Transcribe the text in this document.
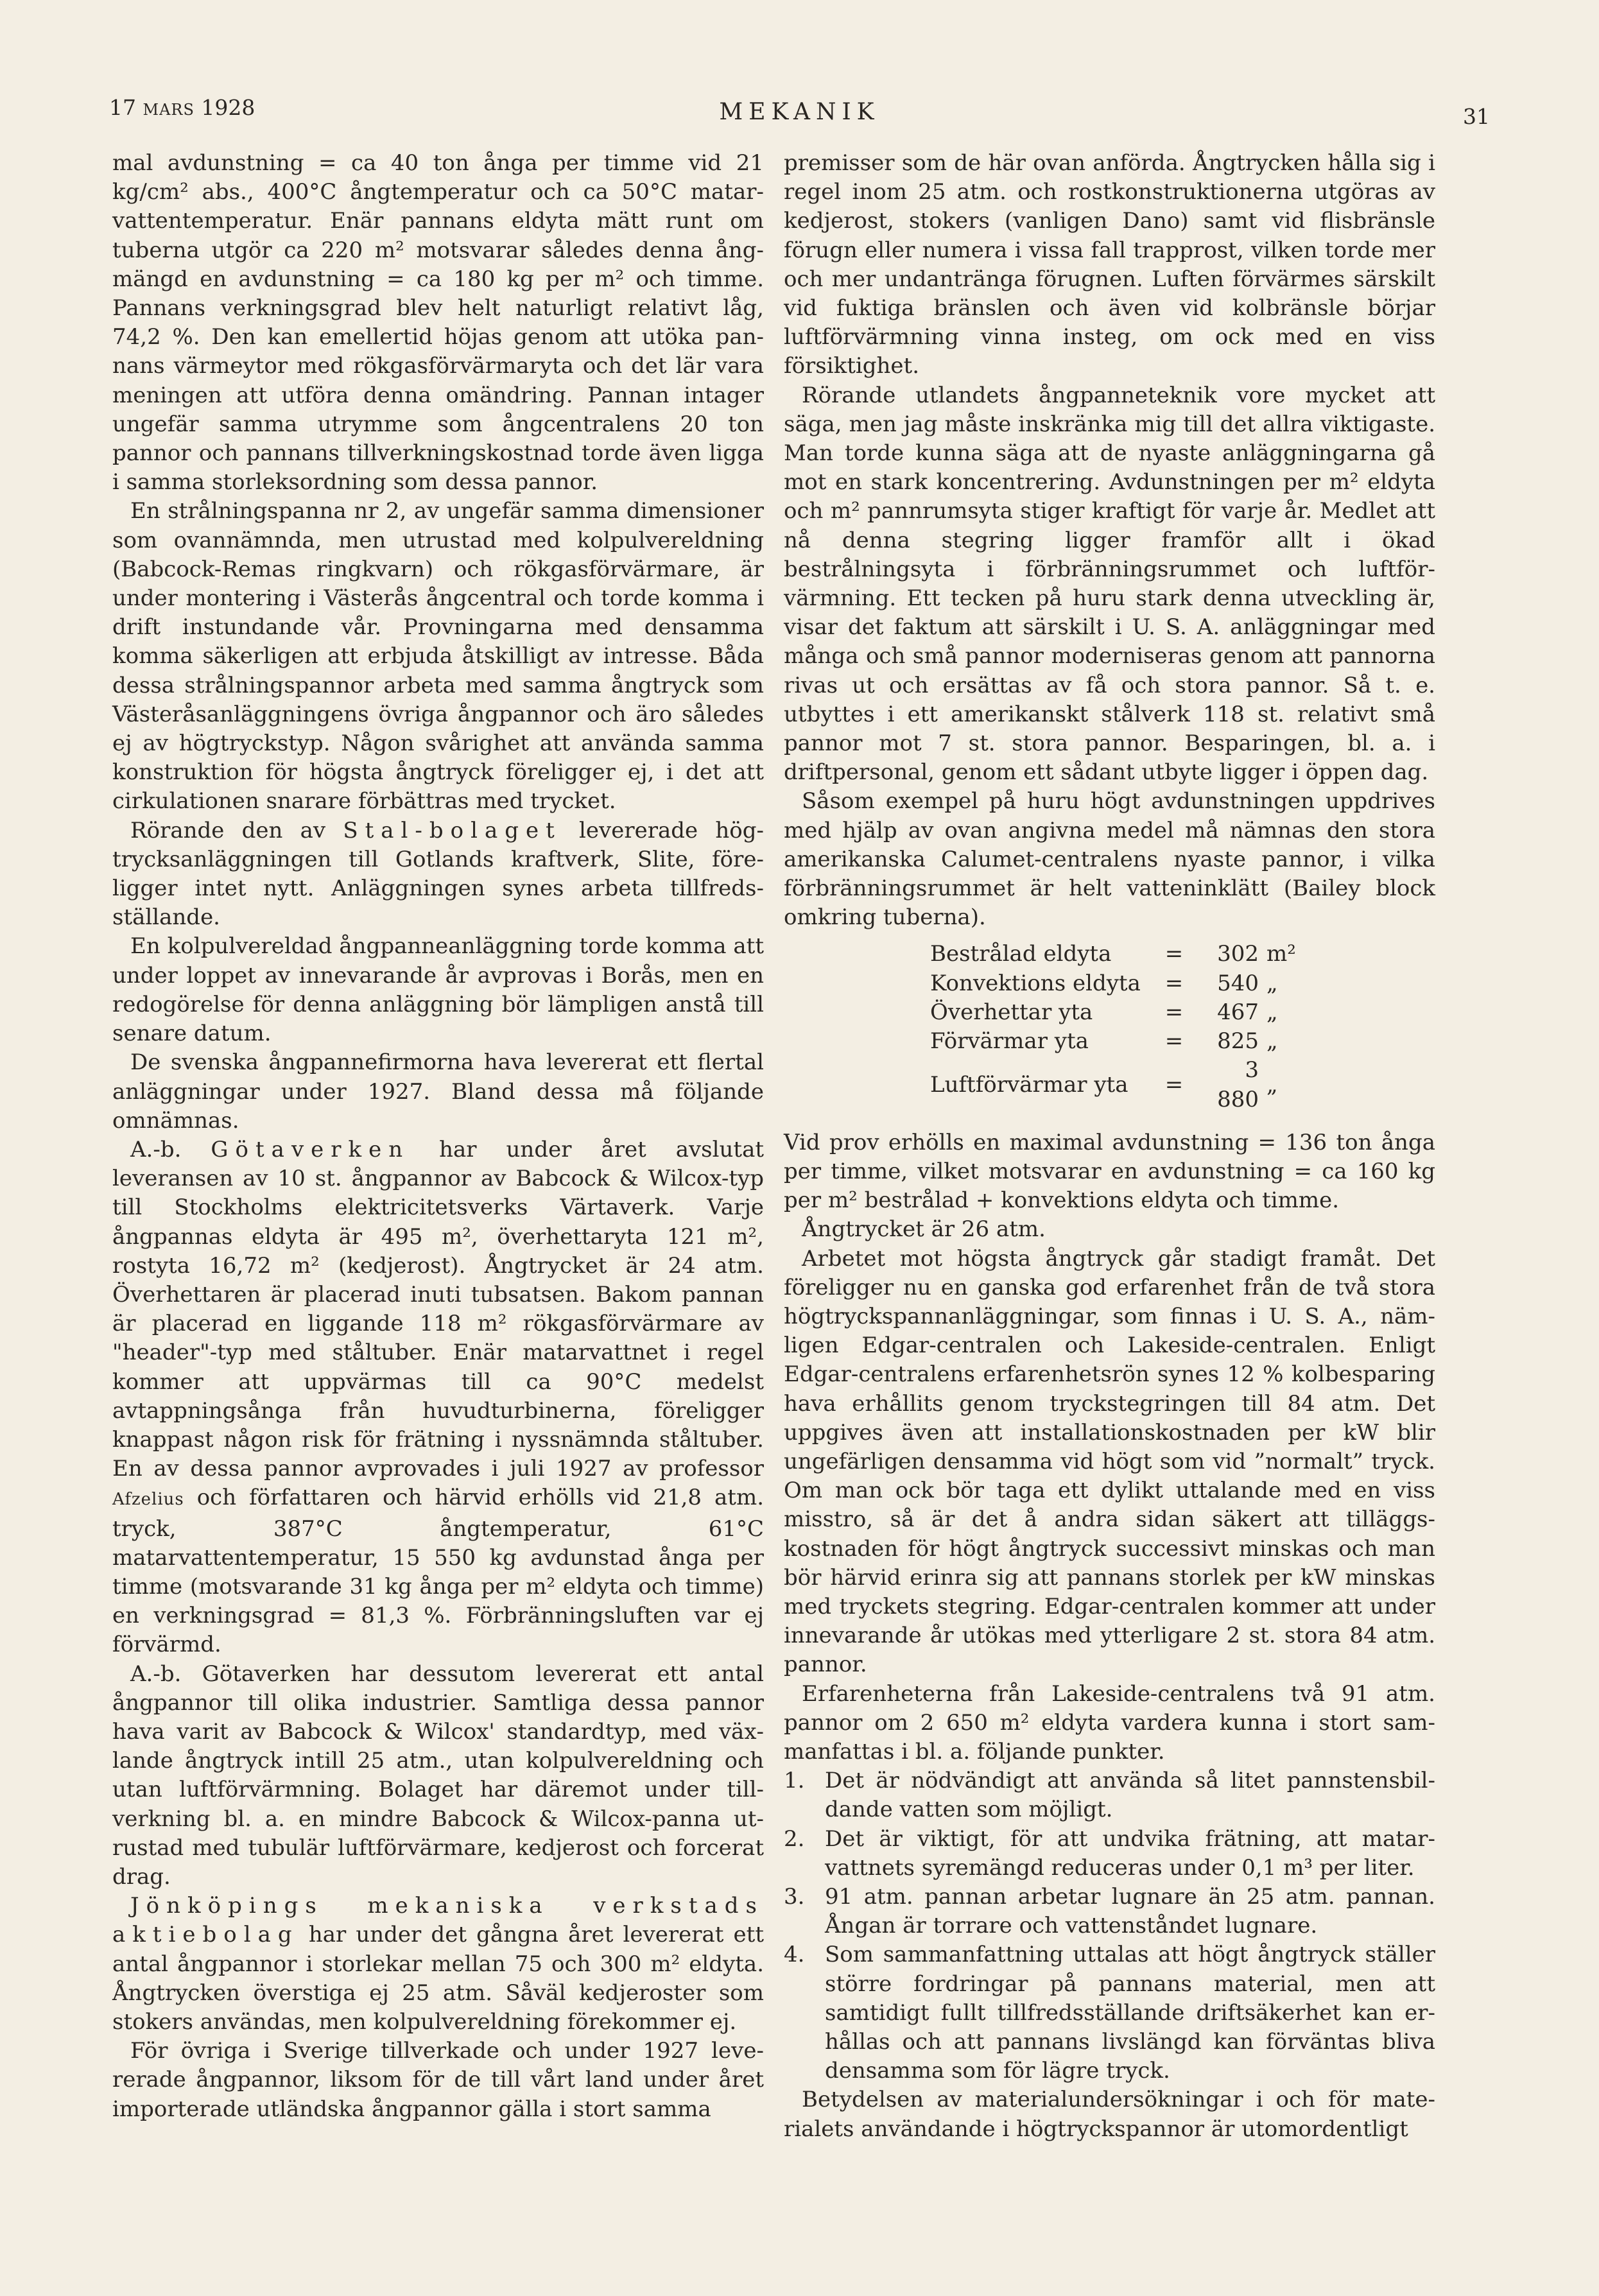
17 MARS 1928	MEKANIK	31

mal avdunstning = ca 40 ton ånga per timme vid 21 kg/cm² abs., 400°C ångtemperatur och ca 50°C matarvattentemperatur. Enär pannans eldyta mätt runt om tuberna utgör ca 220 m² motsvarar således denna ångmängd en avdunstning = ca 180 kg per m² och timme. Pannans verkningsgrad blev helt naturligt relativt låg, 74,2 %. Den kan emellertid höjas genom att utöka pannans värmeytor med rökgasförvärmaryta och det lär vara meningen att utföra denna omändring. Pannan intager ungefär samma utrymme som ångcentralens 20 ton pannor och pannans tillverkningskostnad torde även ligga i samma storleksordning som dessa pannor.

En strålningspanna nr 2, av ungefär samma dimensioner som ovannämnda, men utrustad med kolpulvereldning (Babcock-Remas ringkvarn) och rökgasförvärmare, är under montering i Västerås ångcentral och torde komma i drift instundande vår. Provningarna med densamma komma säkerligen att erbjuda åtskilligt av intresse. Båda dessa strålningspannor arbeta med samma ångtryck som Västeråsanläggningens övriga ångpannor och äro således ej av högtryckstyp. Någon svårighet att använda samma konstruktion för högsta ångtryck föreligger ej, i det att cirkulationen snarare förbättras med trycket.

Rörande den av Stal-bolaget levererade högtrycksanläggningen till Gotlands kraftverk, Slite, föreligger intet nytt. Anläggningen synes arbeta tillfredsställande.

En kolpulvereldad ångpanneanläggning torde komma att under loppet av innevarande år avprovas i Borås, men en redogörelse för denna anläggning bör lämpligen anstå till senare datum.

De svenska ångpannefirmorna hava levererat ett flertal anläggningar under 1927. Bland dessa må följande omnämnas.

A.-b. Götaverken har under året avslutat leveransen av 10 st. ångpannor av Babcock & Wilcox-typ till Stockholms elektricitetsverks Värtaverk. Varje ångpannas eldyta är 495 m², överhettaryta 121 m², rostyta 16,72 m² (kedjerost). Ångtrycket är 24 atm. Överhettaren är placerad inuti tubsatsen. Bakom pannan är placerad en liggande 118 m² rökgasförvärmare av "header"-typ med ståltuber. Enär matarvattnet i regel kommer att uppvärmas till ca 90°C medelst avtappningsånga från huvudturbinerna, föreligger knappast någon risk för frätning i nyssnämnda ståltuber. En av dessa pannor avprovades i juli 1927 av professor Afzelius och författaren och härvid erhölls vid 21,8 atm. tryck, 387°C ångtemperatur, 61°C matarvattentemperatur, 15 550 kg avdunstad ånga per timme (motsvarande 31 kg ånga per m² eldyta och timme) en verkningsgrad = 81,3 %. Förbränningsluften var ej förvärmd.

A.-b. Götaverken har dessutom levererat ett antal ångpannor till olika industrier. Samtliga dessa pannor hava varit av Babcock & Wilcox' standardtyp, med växlande ångtryck intill 25 atm., utan kolpulvereldning och utan luftförvärmning. Bolaget har däremot under tillverkning bl. a. en mindre Babcock & Wilcox-panna utrustad med tubulär luftförvärmare, kedjerost och forcerat drag.

Jönköpings mekaniska verkstads aktiebolag har under det gångna året levererat ett antal ångpannor i storlekar mellan 75 och 300 m² eldyta. Ångtrycken överstiga ej 25 atm. Såväl kedjeroster som stokers användas, men kolpulvereldning förekommer ej.

För övriga i Sverige tillverkade och under 1927 levererade ångpannor, liksom för de till vårt land under året importerade utländska ångpannor gälla i stort samma

premisser som de här ovan anförda. Ångtrycken hålla sig i regel inom 25 atm. och rostkonstruktionerna utgöras av kedjerost, stokers (vanligen Dano) samt vid flisbränsle förugn eller numera i vissa fall trapprost, vilken torde mer och mer undantränga förugnen. Luften förvärmes särskilt vid fuktiga bränslen och även vid kolbränsle börjar luftförvärmning vinna insteg, om ock med en viss försiktighet.

Rörande utlandets ångpanneteknik vore mycket att säga, men jag måste inskränka mig till det allra viktigaste. Man torde kunna säga att de nyaste anläggningarna gå mot en stark koncentrering. Avdunstningen per m² eldyta och m² pannrumsyta stiger kraftigt för varje år. Medlet att nå denna stegring ligger framför allt i ökad bestrålningsyta i förbränningsrummet och luftförvärmning. Ett tecken på huru stark denna utveckling är, visar det faktum att särskilt i U. S. A. anläggningar med många och små pannor moderniseras genom att pannorna rivas ut och ersättas av få och stora pannor. Så t. e. utbyttes i ett amerikanskt stålverk 118 st. relativt små pannor mot 7 st. stora pannor. Besparingen, bl. a. i driftpersonal, genom ett sådant utbyte ligger i öppen dag.

Såsom exempel på huru högt avdunstningen uppdrives med hjälp av ovan angivna medel må nämnas den stora amerikanska Calumet-centralens nyaste pannor, i vilka förbränningsrummet är helt vatteninklätt (Bailey block omkring tuberna).

Bestrålad eldyta	=	302	m²
Konvektions eldyta	=	540	„
Överhettar yta	=	467	„
Förvärmar yta	=	825	„
Luftförvärmar yta	=	3 880	„

Vid prov erhölls en maximal avdunstning = 136 ton ånga per timme, vilket motsvarar en avdunstning = ca 160 kg per m² bestrålad + konvektions eldyta och timme.

Ångtrycket är 26 atm.

Arbetet mot högsta ångtryck går stadigt framåt. Det föreligger nu en ganska god erfarenhet från de två stora högtryckspannanläggningar, som finnas i U. S. A., nämligen Edgar-centralen och Lakeside-centralen. Enligt Edgar-centralens erfarenhetsrön synes 12 % kolbesparing hava erhållits genom tryckstegringen till 84 atm. Det uppgives även att installationskostnaden per kW blir ungefärligen densamma vid högt som vid ”normalt” tryck. Om man ock bör taga ett dylikt uttalande med en viss misstro, så är det å andra sidan säkert att tilläggskostnaden för högt ångtryck successivt minskas och man bör härvid erinra sig att pannans storlek per kW minskas med tryckets stegring. Edgar-centralen kommer att under innevarande år utökas med ytterligare 2 st. stora 84 atm. pannor.

Erfarenheterna från Lakeside-centralens två 91 atm. pannor om 2 650 m² eldyta vardera kunna i stort sammanfattas i bl. a. följande punkter.

1. Det är nödvändigt att använda så litet pannstensbildande vatten som möjligt.
2. Det är viktigt, för att undvika frätning, att matarvattnets syremängd reduceras under 0,1 m³ per liter.
3. 91 atm. pannan arbetar lugnare än 25 atm. pannan. Ångan är torrare och vattenståndet lugnare.
4. Som sammanfattning uttalas att högt ångtryck ställer större fordringar på pannans material, men att samtidigt fullt tillfredsställande driftsäkerhet kan erhållas och att pannans livslängd kan förväntas bliva densamma som för lägre tryck.

Betydelsen av materialundersökningar i och för materialets användande i högtryckspannor är utomordentligt
